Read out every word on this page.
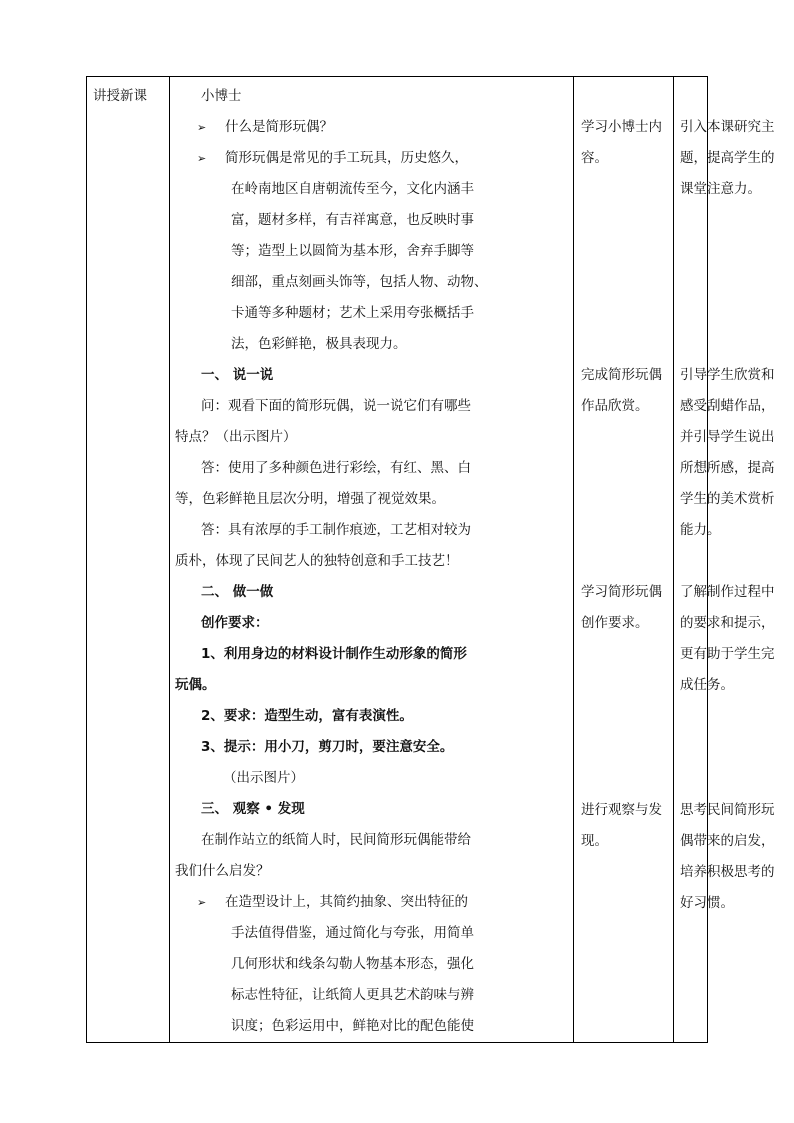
讲授新课	小博士
➢ 什么是简形玩偶？
➢ 简形玩偶是常见的手工玩具，历史悠久，
在岭南地区自唐朝流传至今，文化内涵丰
富，题材多样，有吉祥寓意，也反映时事
等；造型上以圆简为基本形，舍弃手脚等
细部，重点刻画头饰等，包括人物、动物、
卡通等多种题材；艺术上采用夸张概括手
法，色彩鲜艳，极具表现力。
一、 说一说
问：观看下面的简形玩偶，说一说它们有哪些
特点？（出示图片）
答：使用了多种颜色进行彩绘，有红、黑、白
等，色彩鲜艳且层次分明，增强了视觉效果。
答：具有浓厚的手工制作痕迹，工艺相对较为
质朴，体现了民间艺人的独特创意和手工技艺！
二、 做一做
创作要求：
1、利用身边的材料设计制作生动形象的简形
玩偶。
2、要求：造型生动，富有表演性。
3、提示：用小刀，剪刀时，要注意安全。
（出示图片）
三、 观察 • 发现
在制作站立的纸简人时，民间简形玩偶能带给
我们什么启发？
➢ 在造型设计上，其简约抽象、突出特征的
手法值得借鉴，通过简化与夸张，用简单
几何形状和线条勾勒人物基本形态，强化
标志性特征，让纸简人更具艺术韵味与辨
识度；色彩运用中，鲜艳对比的配色能使
学习小博士内
容。
完成简形玩偶
作品欣赏。
学习简形玩偶
创作要求。
进行观察与发
现。
引入本课研究主
题，提高学生的
课堂注意力。
引导学生欣赏和
感受刮蜡作品，
并引导学生说出
所想所感，提高
学生的美术赏析
能力。
了解制作过程中
的要求和提示，
更有助于学生完
成任务。
思考民间简形玩
偶带来的启发，
培养积极思考的
好习惯。
